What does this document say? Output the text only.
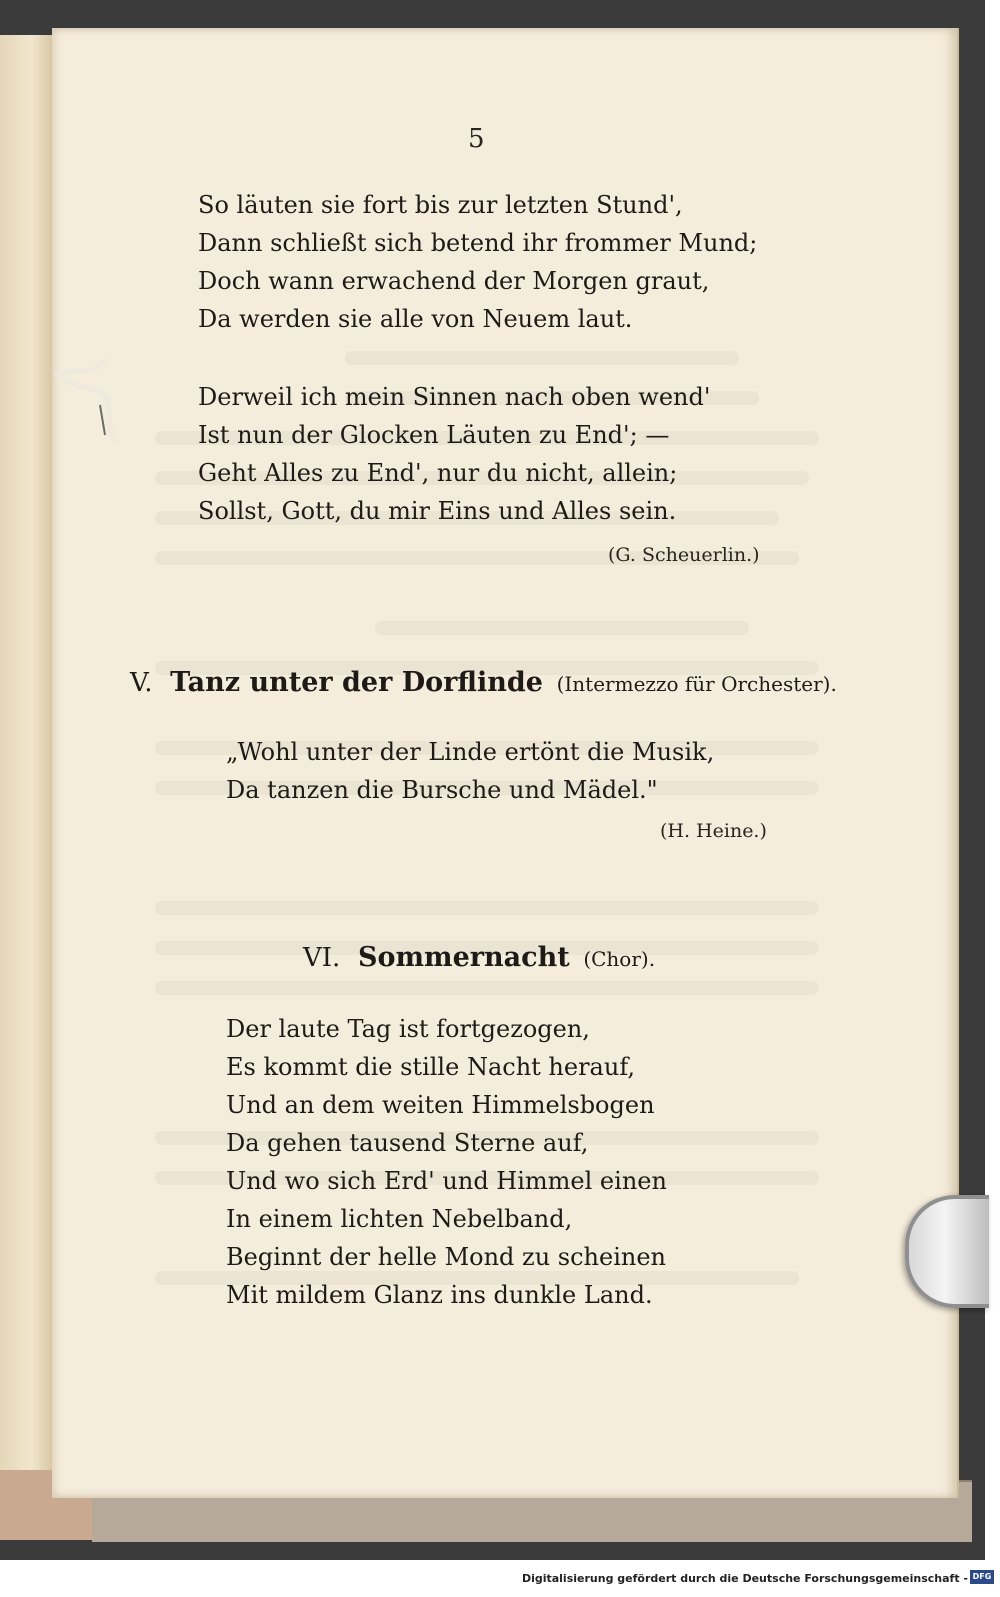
5
So läuten sie fort bis zur letzten Stund',
Dann schließt sich betend ihr frommer Mund;
Doch wann erwachend der Morgen graut,
Da werden sie alle von Neuem laut.
Derweil ich mein Sinnen nach oben wend'
Ist nun der Glocken Läuten zu End'; —
Geht Alles zu End', nur du nicht, allein;
Sollst, Gott, du mir Eins und Alles sein.
(G. Scheuerlin.)
V. Tanz unter der Dorflinde (Intermezzo für Orchester).
„Wohl unter der Linde ertönt die Musik,
Da tanzen die Bursche und Mädel."
(H. Heine.)
VI. Sommernacht (Chor).
Der laute Tag ist fortgezogen,
Es kommt die stille Nacht herauf,
Und an dem weiten Himmelsbogen
Da gehen tausend Sterne auf,
Und wo sich Erd' und Himmel einen
In einem lichten Nebelband,
Beginnt der helle Mond zu scheinen
Mit mildem Glanz ins dunkle Land.
Digitalisierung gefördert durch die Deutsche Forschungsgemeinschaft - DFG
